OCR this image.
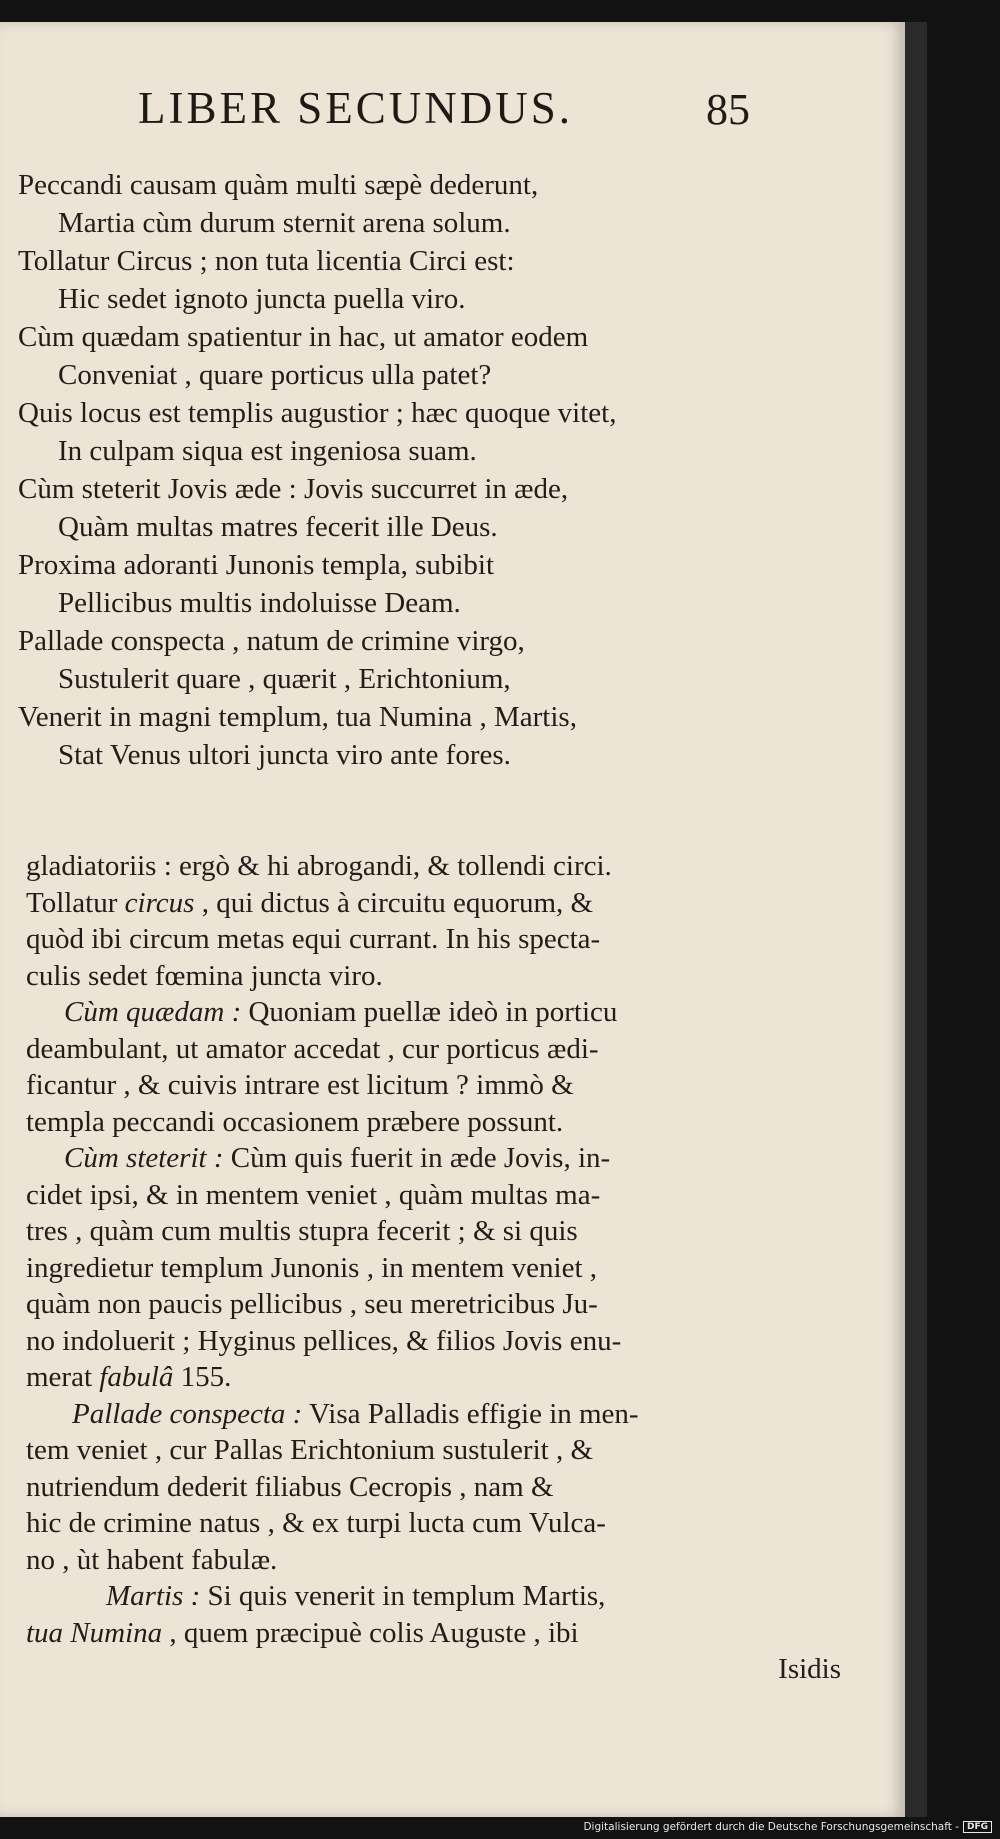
LIBER SECUNDUS.	85
Peccandi causam quàm multi sæpè dederunt,
Martia cùm durum sternit arena solum.
Tollatur Circus ; non tuta licentia Circi est:
Hic sedet ignoto juncta puella viro.
Cùm quædam spatientur in hac, ut amator eodem
Conveniat , quare porticus ulla patet?
Quis locus est templis augustior ; hæc quoque vitet,
In culpam siqua est ingeniosa suam.
Cùm steterit Jovis æde : Jovis succurret in æde,
Quàm multas matres fecerit ille Deus.
Proxima adoranti Junonis templa, subibit
Pellicibus multis indoluisse Deam.
Pallade conspecta , natum de crimine virgo,
Sustulerit quare , quærit , Erichtonium,
Venerit in magni templum, tua Numina , Martis,
Stat Venus ultori juncta viro ante fores.
gladiatoriis : ergò & hi abrogandi, & tollendi circi.
Tollatur circus , qui dictus à circuitu equorum, &
quòd ibi circum metas equi currant. In his specta-
culis sedet fœmina juncta viro.
Cùm quædam : Quoniam puellæ ideò in porticu
deambulant, ut amator accedat , cur porticus ædi-
ficantur , & cuivis intrare est licitum ? immò &
templa peccandi occasionem præbere possunt.
Cùm steterit : Cùm quis fuerit in æde Jovis, in-
cidet ipsi, & in mentem veniet , quàm multas ma-
tres , quàm cum multis stupra fecerit ; & si quis
ingredietur templum Junonis , in mentem veniet ,
quàm non paucis pellicibus , seu meretricibus Ju-
no indoluerit ; Hyginus pellices, & filios Jovis enu-
merat fabulâ 155.
Pallade conspecta : Visa Palladis effigie in men-
tem veniet , cur Pallas Erichtonium sustulerit , &
nutriendum dederit filiabus Cecropis , nam &
hic de crimine natus , & ex turpi lucta cum Vulca-
no , ùt habent fabulæ.
Martis : Si quis venerit in templum Martis,
tua Numina , quem præcipuè colis Auguste , ibi
Isidis
Digitalisierung gefördert durch die Deutsche Forschungsgemeinschaft - DFG
